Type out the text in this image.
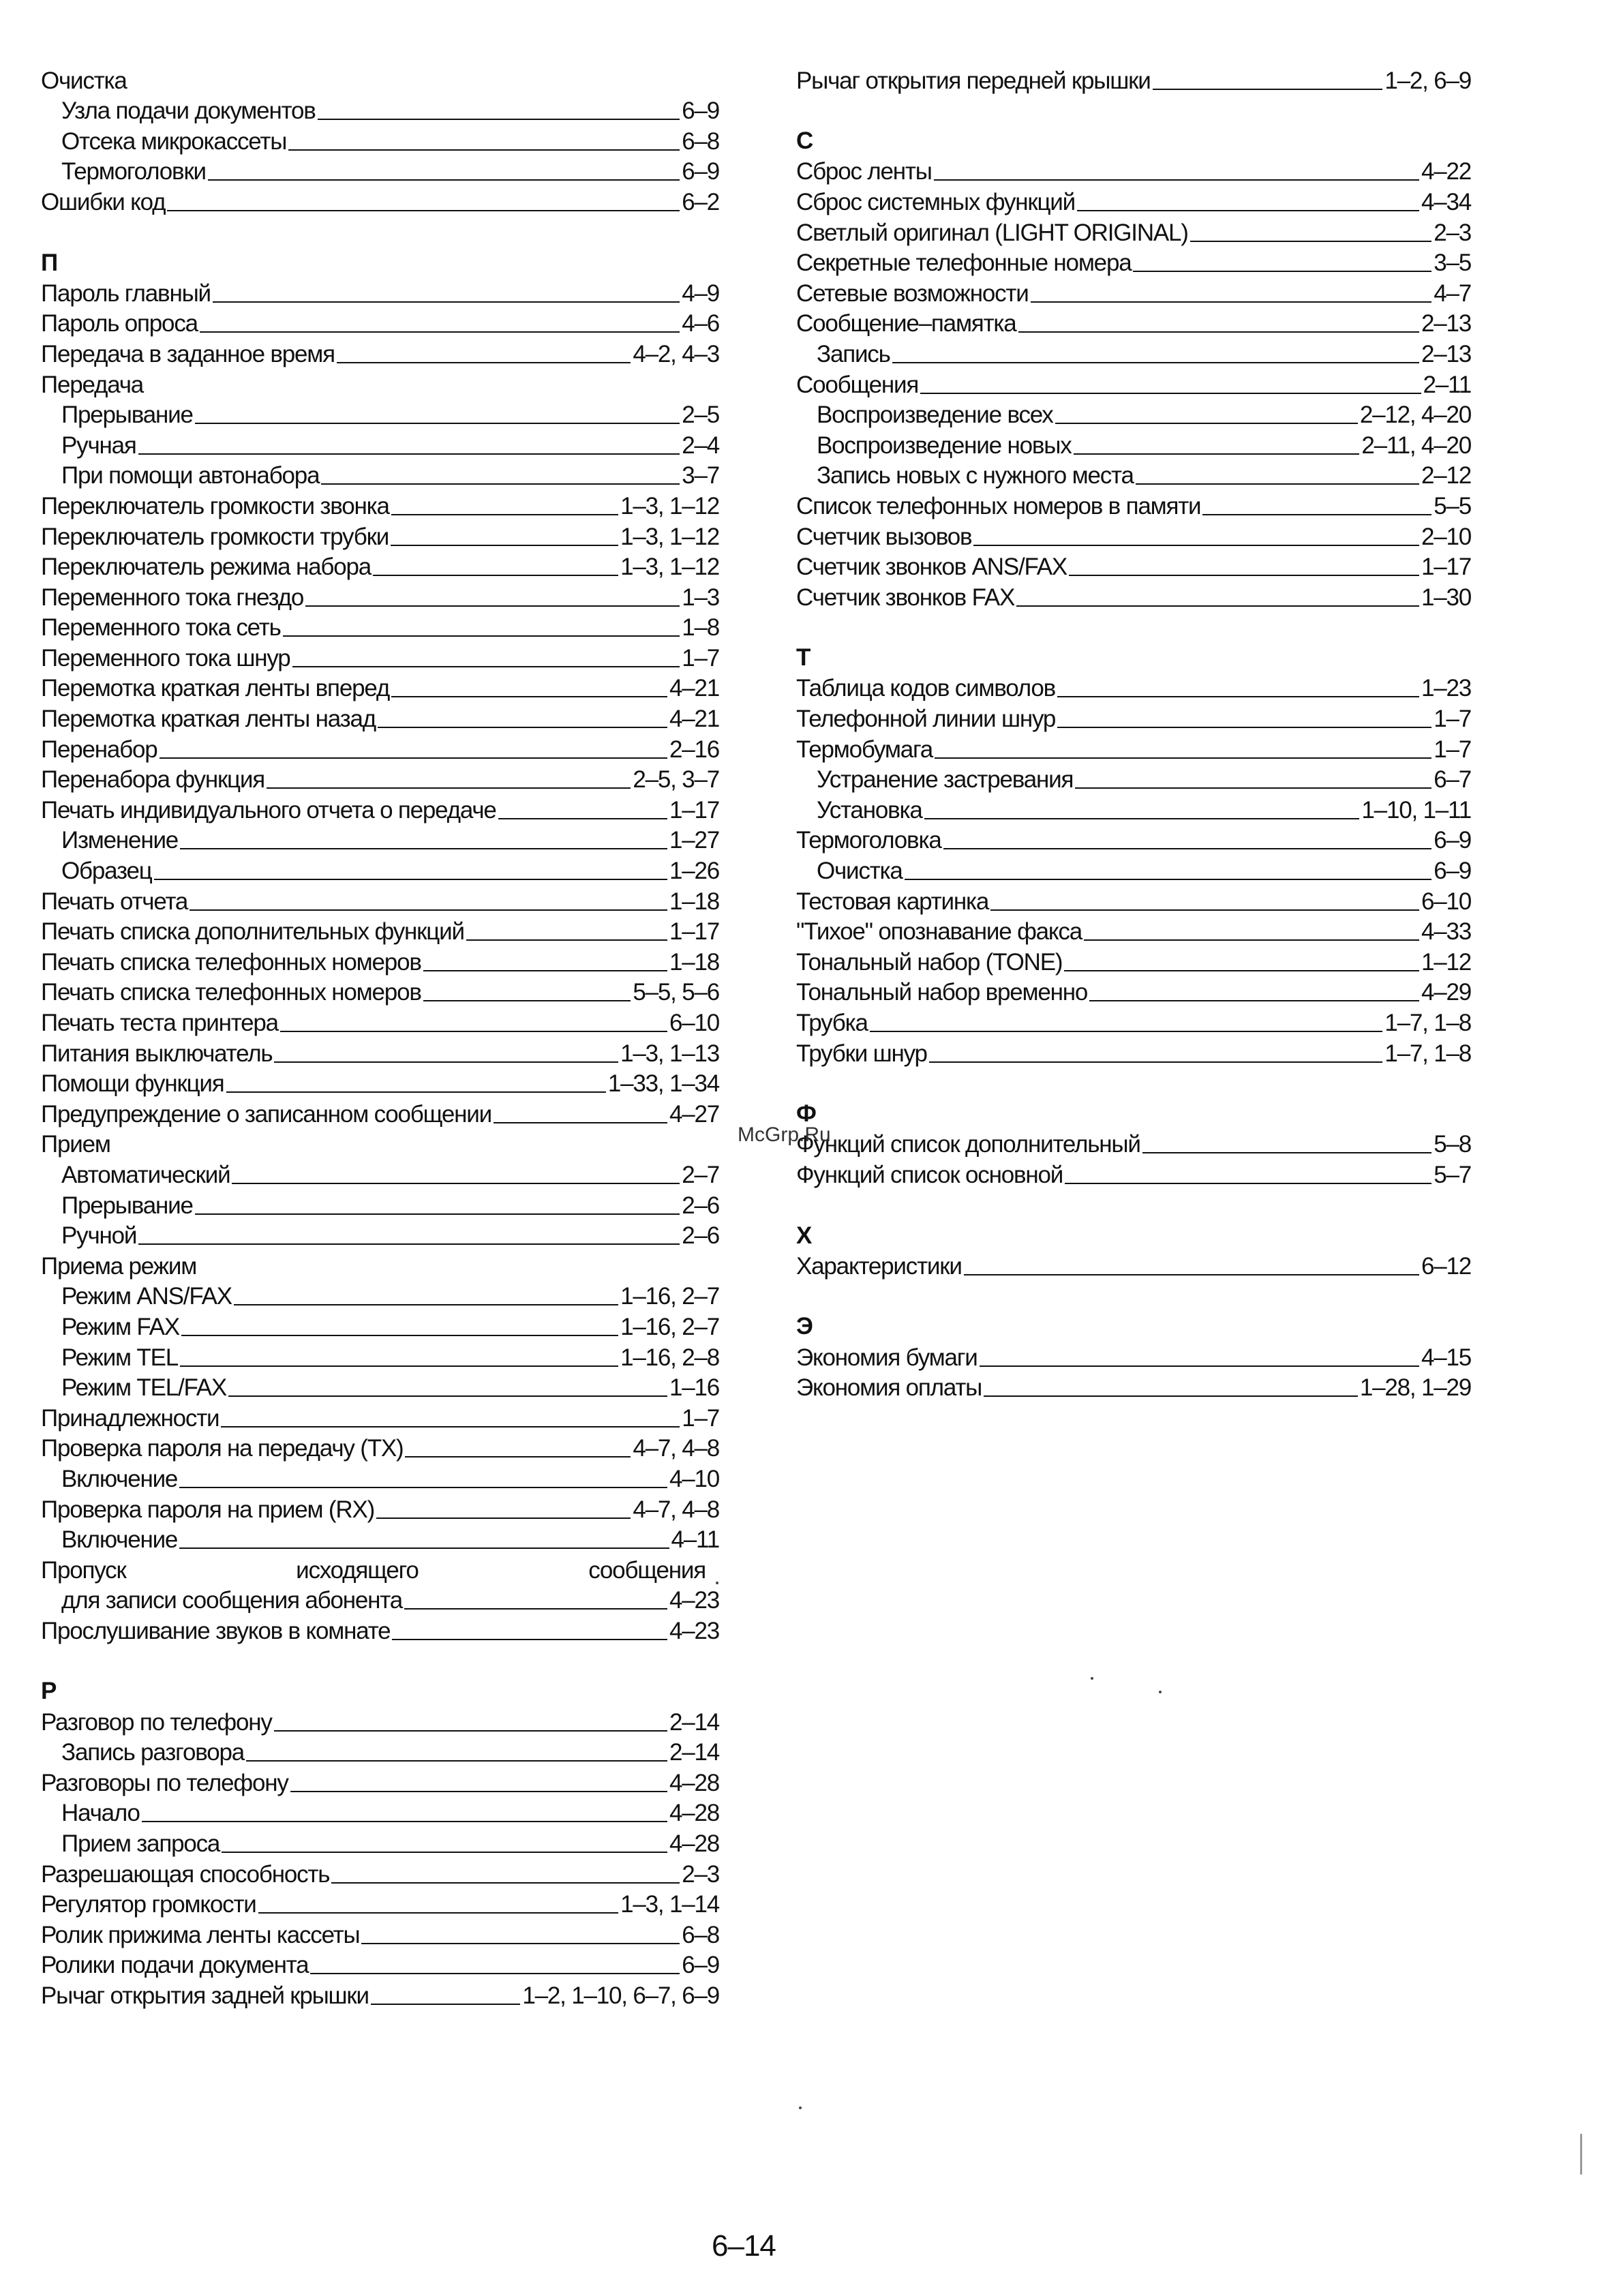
Очистка
Узла подачи документов	6–9
Отсека микрокассеты	6–8
Термоголовки	6–9
Ошибки код	6–2
П
Пароль главный	4–9
Пароль опроса	4–6
Передача в заданное время	4–2, 4–3
Передача
Прерывание	2–5
Ручная	2–4
При помощи автонабора	3–7
Переключатель громкости звонка	1–3, 1–12
Переключатель громкости трубки	1–3, 1–12
Переключатель режима набора	1–3, 1–12
Переменного тока гнездо	1–3
Переменного тока сеть	1–8
Переменного тока шнур	1–7
Перемотка краткая ленты вперед	4–21
Перемотка краткая ленты назад	4–21
Перенабор	2–16
Перенабора функция	2–5, 3–7
Печать индивидуального отчета о передаче	1–17
Изменение	1–27
Образец	1–26
Печать отчета	1–18
Печать списка дополнительных функций	1–17
Печать списка телефонных номеров	1–18
Печать списка телефонных номеров	5–5, 5–6
Печать теста принтера	6–10
Питания выключатель	1–3, 1–13
Помощи функция	1–33, 1–34
Предупреждение о записанном сообщении	4–27
Прием
Автоматический	2–7
Прерывание	2–6
Ручной	2–6
Приема режим
Режим ANS/FAX	1–16, 2–7
Режим FAX	1–16, 2–7
Режим TEL	1–16, 2–8
Режим TEL/FAX	1–16
Принадлежности	1–7
Проверка пароля на передачу (TX)	4–7, 4–8
Включение	4–10
Проверка пароля на прием (RX)	4–7, 4–8
Включение	4–11
Пропуск исходящего сообщения
для записи сообщения абонента	4–23
Прослушивание звуков в комнате	4–23
Р
Разговор по телефону	2–14
Запись разговора	2–14
Разговоры по телефону	4–28
Начало	4–28
Прием запроса	4–28
Разрешающая способность	2–3
Регулятор громкости	1–3, 1–14
Ролик прижима ленты кассеты	6–8
Ролики подачи документа	6–9
Рычаг открытия задней крышки	1–2, 1–10, 6–7, 6–9
Рычаг открытия передней крышки	1–2, 6–9
С
Сброс ленты	4–22
Сброс системных функций	4–34
Светлый оригинал (LIGHT ORIGINAL)	2–3
Секретные телефонные номера	3–5
Сетевые возможности	4–7
Сообщение–памятка	2–13
Запись	2–13
Сообщения	2–11
Воспроизведение всех	2–12, 4–20
Воспроизведение новых	2–11, 4–20
Запись новых с нужного места	2–12
Список телефонных номеров в памяти	5–5
Счетчик вызовов	2–10
Счетчик звонков ANS/FAX	1–17
Счетчик звонков FAX	1–30
Т
Таблица кодов символов	1–23
Телефонной линии шнур	1–7
Термобумага	1–7
Устранение застревания	6–7
Установка	1–10, 1–11
Термоголовка	6–9
Очистка	6–9
Тестовая картинка	6–10
"Тихое" опознавание факса	4–33
Тональный набор (TONE)	1–12
Тональный набор временно	4–29
Трубка	1–7, 1–8
Трубки шнур	1–7, 1–8
Ф
Функций список дополнительный	5–8
Функций список основной	5–7
Х
Характеристики	6–12
Э
Экономия бумаги	4–15
Экономия оплаты	1–28, 1–29
McGrp.Ru
6–14
